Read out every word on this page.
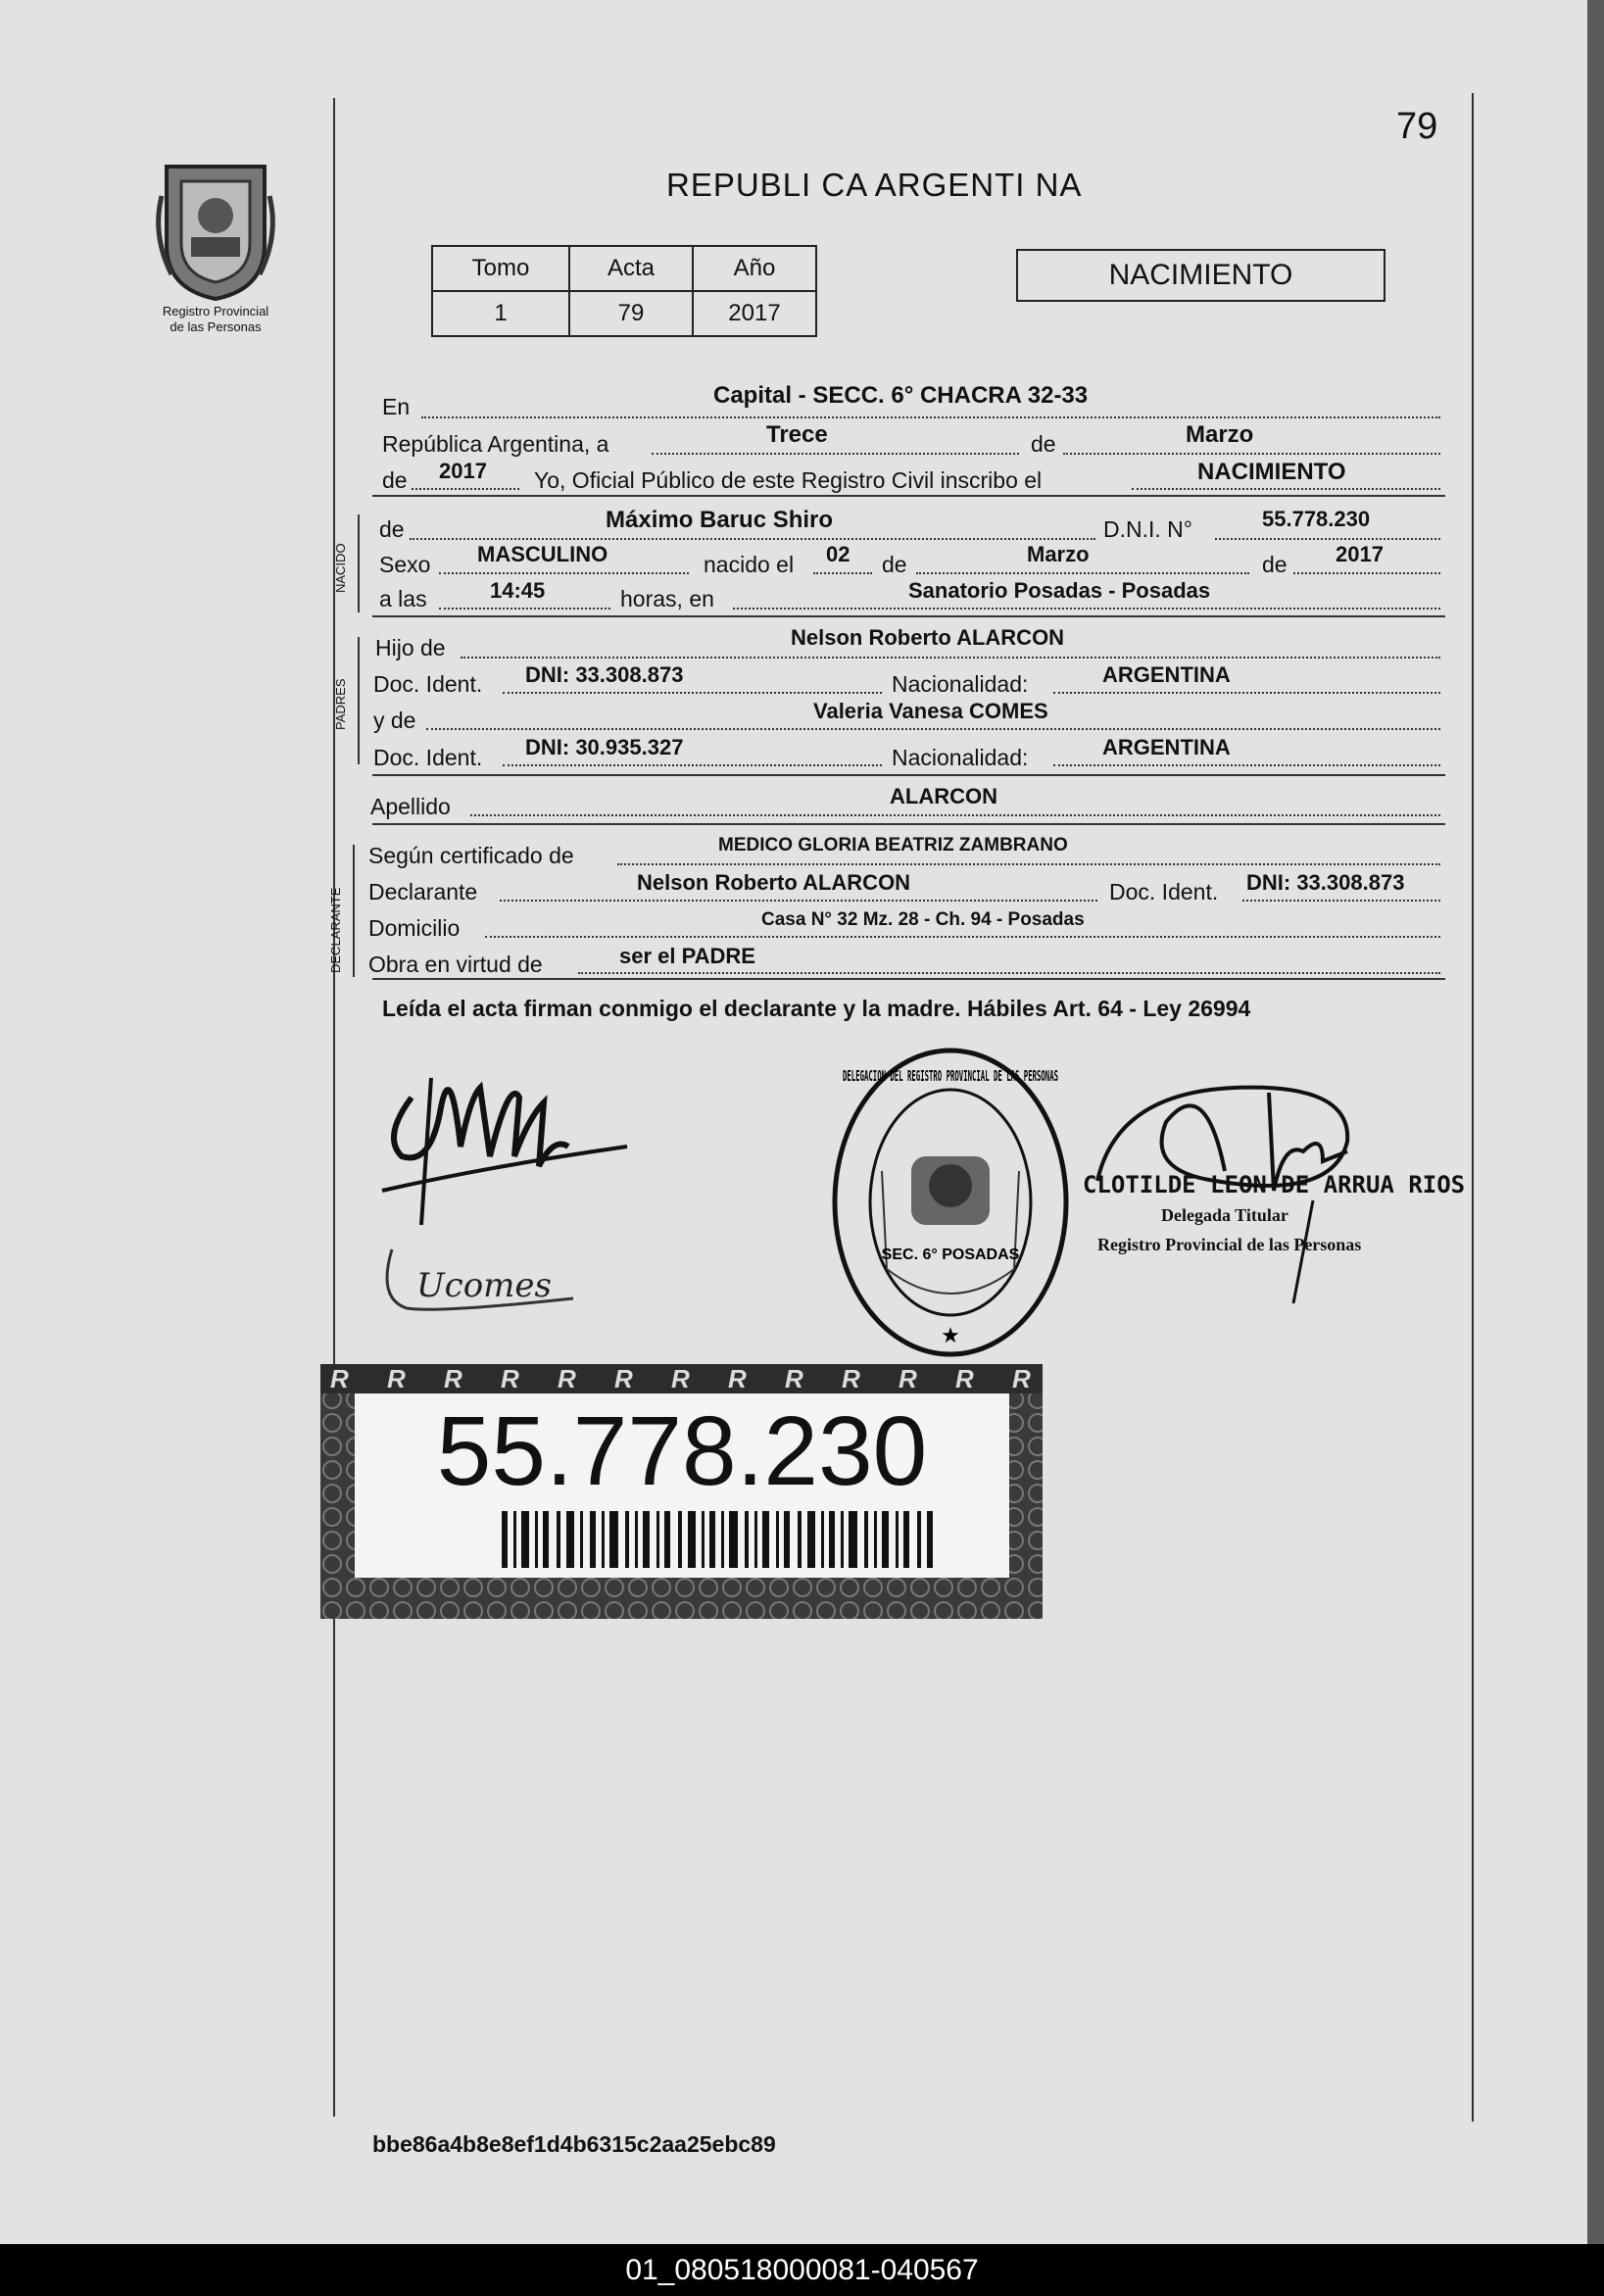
79
Registro Provincial
de las Personas
REPUBLI CA ARGENTI NA
Tomo	Acta	Año
1	79	2017
NACIMIENTO
En	Capital - SECC. 6° CHACRA 32-33
República Argentina, a	Trece	de	Marzo
de 2017 Yo, Oficial Público de este Registro Civil inscribo el	NACIMIENTO
NACIDO
de	Máximo Baruc Shiro	D.N.I. N°	55.778.230
Sexo MASCULINO	nacido el 02 de	Marzo	de 2017
a las	14:45	horas, en	Sanatorio Posadas - Posadas
PADRES
Hijo de	Nelson Roberto ALARCON
Doc. Ident. DNI: 33.308.873	Nacionalidad:	ARGENTINA
y de	Valeria Vanesa COMES
Doc. Ident. DNI: 30.935.327	Nacionalidad:	ARGENTINA
Apellido	ALARCON
DECLARANTE
Según certificado de	MEDICO GLORIA BEATRIZ ZAMBRANO
Declarante	Nelson Roberto ALARCON	Doc. Ident. DNI: 33.308.873
Domicilio	Casa N° 32 Mz. 28 - Ch. 94 - Posadas
Obra en virtud de	ser el PADRE
Leída el acta firman conmigo el declarante y la madre. Hábiles Art. 64 - Ley 26994
Ucomes
SEC. 6° POSADAS
★
DELEGACION DEL REGISTRO PROVINCIAL DE LAS PERSONAS
CLOTILDE LEON DE ARRUA RIOS
Delegada Titular
Registro Provincial de las Personas
55.778.230
bbe86a4b8e8ef1d4b6315c2aa25ebc89
01_080518000081-040567
